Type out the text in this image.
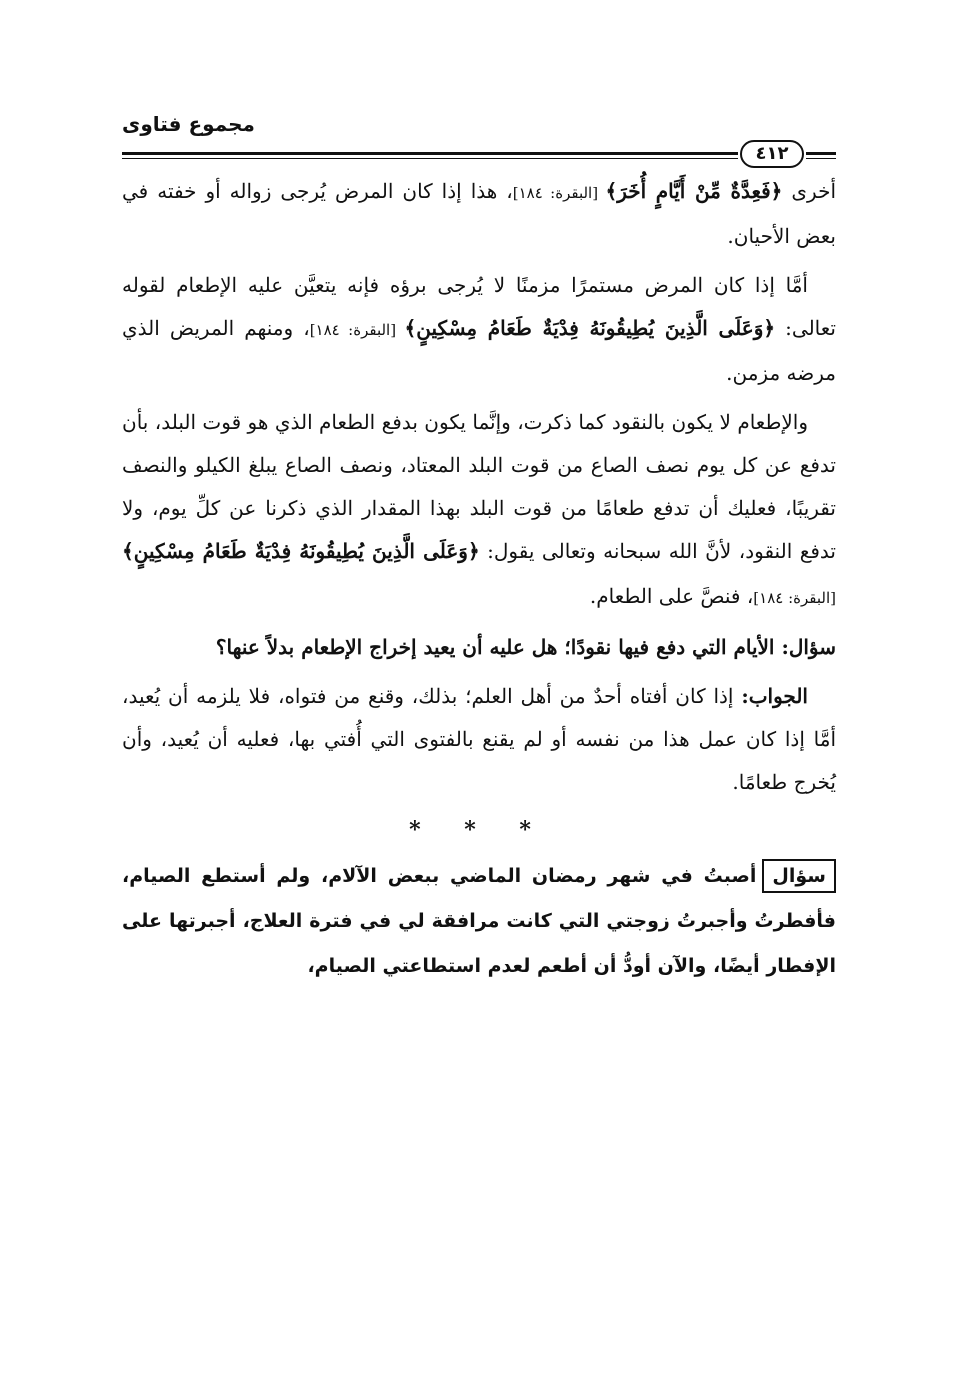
مجموع فتاوى
٤١٢

أخرى ﴿فَعِدَّةٌ مِّنْ أَيَّامٍ أُخَرَ﴾ [البقرة: ١٨٤]، هذا إذا كان المرض يُرجى زواله أو خفته في بعض الأحيان.

أمَّا إذا كان المرض مستمرًا مزمنًا لا يُرجى برؤه فإنه يتعيَّن عليه الإطعام لقوله تعالى: ﴿وَعَلَى الَّذِينَ يُطِيقُونَهُ فِدْيَةٌ طَعَامُ مِسْكِينٍ﴾ [البقرة: ١٨٤]، ومنهم المريض الذي مرضه مزمن.

والإطعام لا يكون بالنقود كما ذكرت، وإنَّما يكون بدفع الطعام الذي هو قوت البلد، بأن تدفع عن كل يوم نصف الصاع من قوت البلد المعتاد، ونصف الصاع يبلغ الكيلو والنصف تقريبًا، فعليك أن تدفع طعامًا من قوت البلد بهذا المقدار الذي ذكرنا عن كلِّ يوم، ولا تدفع النقود، لأنَّ الله سبحانه وتعالى يقول: ﴿وَعَلَى الَّذِينَ يُطِيقُونَهُ فِدْيَةٌ طَعَامُ مِسْكِينٍ﴾ [البقرة: ١٨٤]، فنصَّ على الطعام.

سؤال: الأيام التي دفع فيها نقودًا؛ هل عليه أن يعيد إخراج الإطعام بدلاً عنها؟

الجواب: إذا كان أفتاه أحدٌ من أهل العلم؛ بذلك، وقنع من فتواه، فلا يلزمه أن يُعيد، أمَّا إذا كان عمل هذا من نفسه أو لم يقنع بالفتوى التي أُفتي بها، فعليه أن يُعيد، وأن يُخرج طعامًا.

* * *

سؤالأصبتُ في شهر رمضان الماضي ببعض الآلام، ولم أستطع الصيام، فأفطرتُ وأجبرتُ زوجتي التي كانت مرافقة لي في فترة العلاج، أجبرتها على الإفطار أيضًا، والآن أودُّ أن أطعم لعدم استطاعتي الصيام،
